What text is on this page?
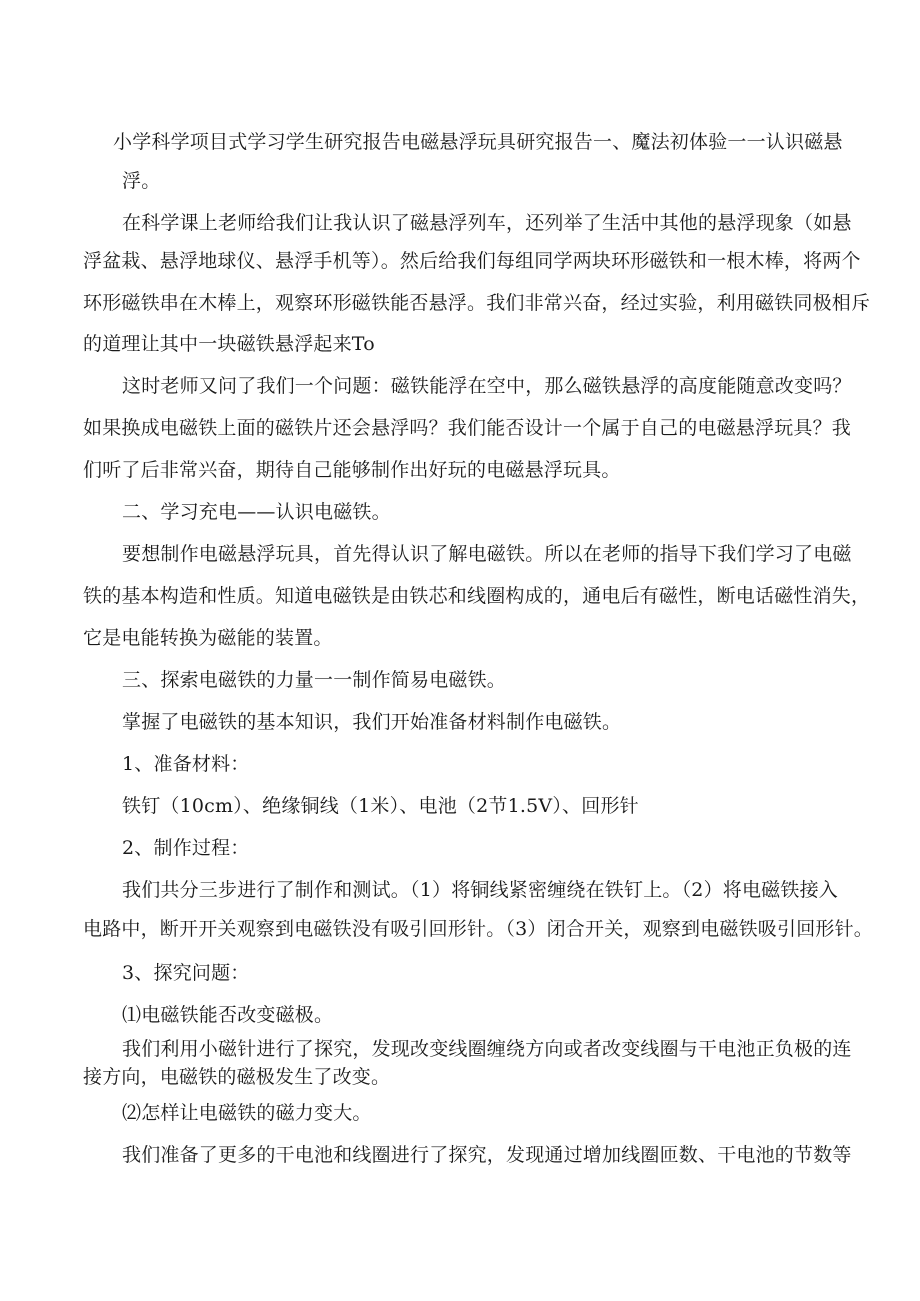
小学科学项目式学习学生研究报告电磁悬浮玩具研究报告一、魔法初体验一一认识磁悬

浮。

在科学课上老师给我们让我认识了磁悬浮列车，还列举了生活中其他的悬浮现象（如悬

浮盆栽、悬浮地球仪、悬浮手机等）。然后给我们每组同学两块环形磁铁和一根木棒，将两个

环形磁铁串在木棒上，观察环形磁铁能否悬浮。我们非常兴奋，经过实验，利用磁铁同极相斥

的道理让其中一块磁铁悬浮起来To

这时老师又问了我们一个问题：磁铁能浮在空中，那么磁铁悬浮的高度能随意改变吗？

如果换成电磁铁上面的磁铁片还会悬浮吗？我们能否设计一个属于自己的电磁悬浮玩具？我

们听了后非常兴奋，期待自己能够制作出好玩的电磁悬浮玩具。

二、学习充电——认识电磁铁。

要想制作电磁悬浮玩具，首先得认识了解电磁铁。所以在老师的指导下我们学习了电磁

铁的基本构造和性质。知道电磁铁是由铁芯和线圈构成的，通电后有磁性，断电话磁性消失，

它是电能转换为磁能的装置。

三、探索电磁铁的力量一一制作简易电磁铁。

掌握了电磁铁的基本知识，我们开始准备材料制作电磁铁。

1、准备材料：

铁钉（10cm）、绝缘铜线（1米）、电池（2节1.5V）、回形针

2、制作过程：

我们共分三步进行了制作和测试。（1）将铜线紧密缠绕在铁钉上。（2）将电磁铁接入

电路中，断开开关观察到电磁铁没有吸引回形针。（3）闭合开关，观察到电磁铁吸引回形针。

3、探究问题：

⑴电磁铁能否改变磁极。

我们利用小磁针进行了探究，发现改变线圈缠绕方向或者改变线圈与干电池正负极的连

接方向，电磁铁的磁极发生了改变。

⑵怎样让电磁铁的磁力变大。

我们准备了更多的干电池和线圈进行了探究，发现通过增加线圈匝数、干电池的节数等
